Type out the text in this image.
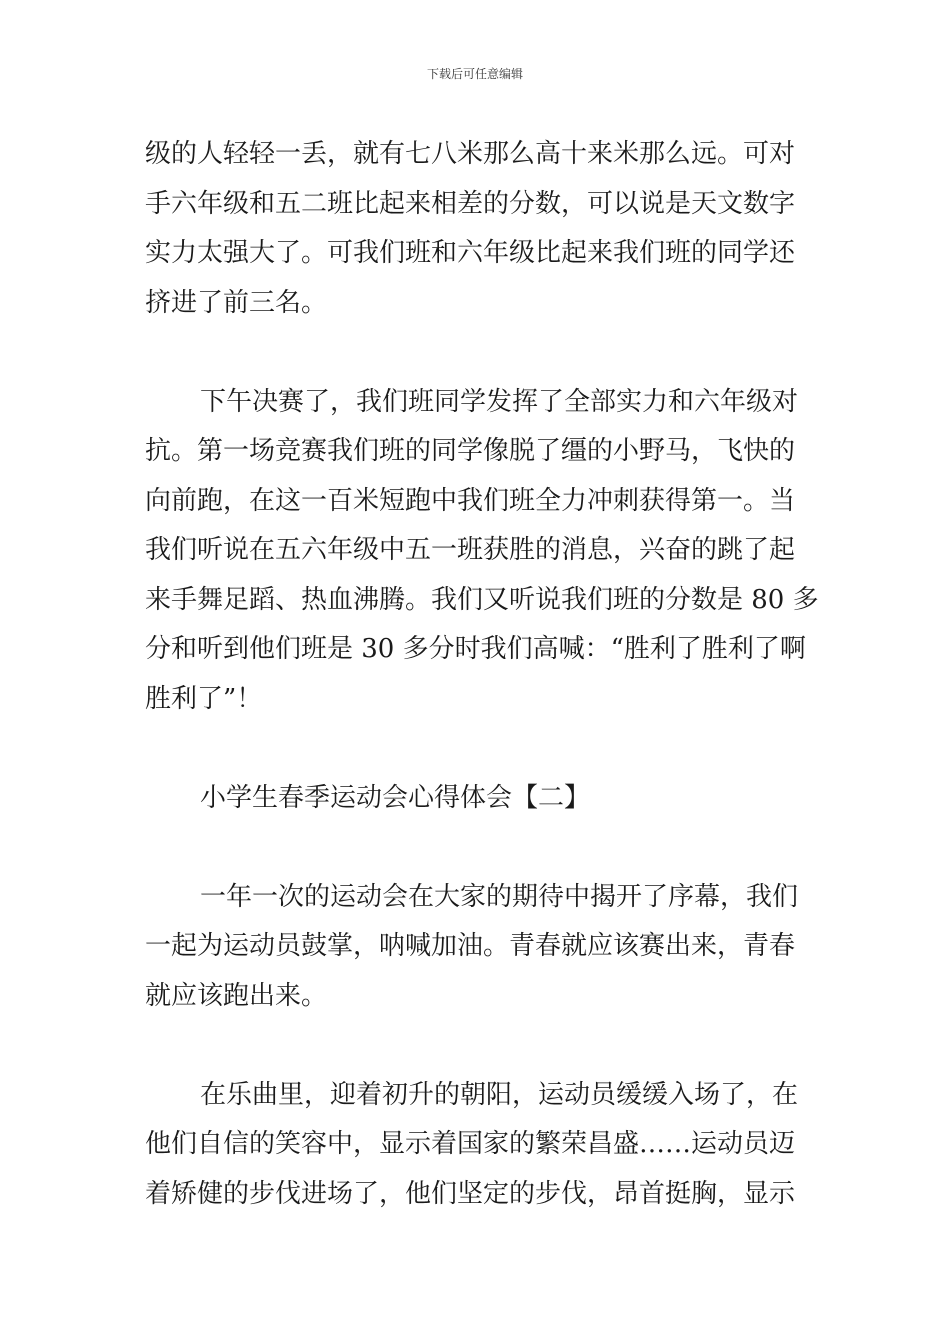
下载后可任意编辑
级的人轻轻一丢，就有七八米那么高十来米那么远。可对
手六年级和五二班比起来相差的分数，可以说是天文数字
实力太强大了。可我们班和六年级比起来我们班的同学还
挤进了前三名。
下午决赛了，我们班同学发挥了全部实力和六年级对
抗。第一场竞赛我们班的同学像脱了缰的小野马，飞快的
向前跑，在这一百米短跑中我们班全力冲刺获得第一。当
我们听说在五六年级中五一班获胜的消息，兴奋的跳了起
来手舞足蹈、热血沸腾。我们又听说我们班的分数是 80 多
分和听到他们班是 30 多分时我们高喊：“胜利了胜利了啊
胜利了”！
小学生春季运动会心得体会【二】
一年一次的运动会在大家的期待中揭开了序幕，我们
一起为运动员鼓掌，呐喊加油。青春就应该赛出来，青春
就应该跑出来。
在乐曲里，迎着初升的朝阳，运动员缓缓入场了，在
他们自信的笑容中，显示着国家的繁荣昌盛……运动员迈
着矫健的步伐进场了，他们坚定的步伐，昂首挺胸，显示
